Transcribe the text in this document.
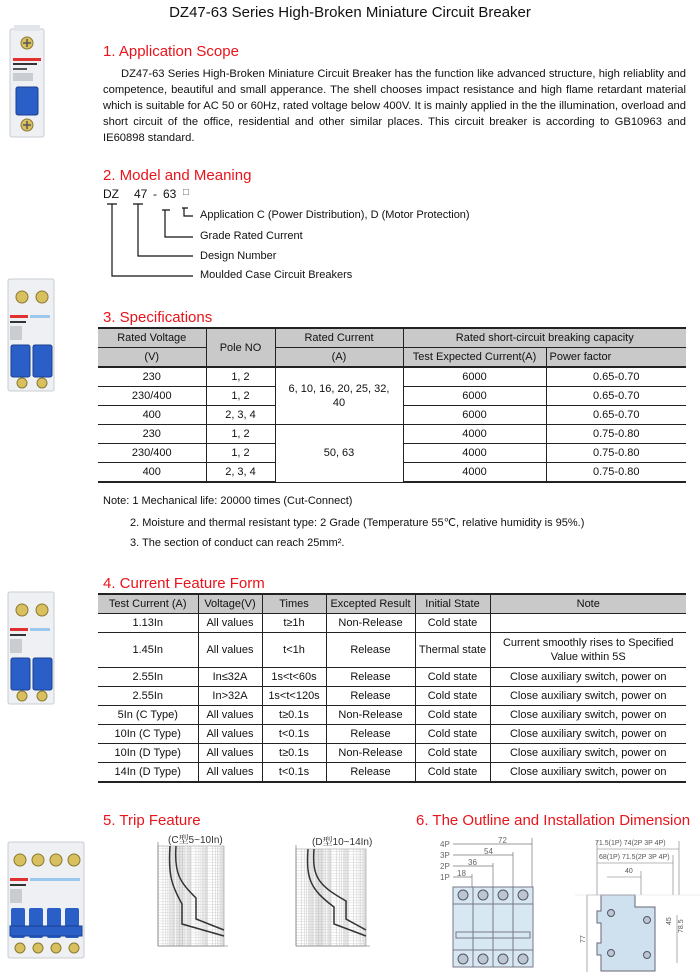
DZ47-63 Series High-Broken Miniature Circuit Breaker
1. Application Scope
DZ47-63 Series High-Broken Miniature Circuit Breaker has the function like advanced structure, high reliablity and competence, beautiful and small apperance. The shell chooses impact resistance and high flame retardant material which is suitable for AC 50 or 60Hz, rated voltage below 400V. It is mainly applied in the the illumination, overload and short circuit of the office, residential and other similar places. This circuit breaker is according to GB10963 and IE60898 standard.
2. Model and Meaning
DZ 47 - 63 □
Application C (Power Distribution), D (Motor Protection)
Grade Rated Current
Design Number
Moulded Case Circuit Breakers
3. Specifications
Rated Voltage	Pole NO	Rated Current	Rated short-circuit breaking capacity	
(V)		(A)	Test Expected Current(A)	Power factor
230	1, 2	6, 10, 16, 20, 25, 32, 40	6000	0.65-0.70
230/400	1, 2		6000	0.65-0.70
400	2, 3, 4		6000	0.65-0.70
230	1, 2	50, 63	4000	0.75-0.80
230/400	1, 2		4000	0.75-0.80
400	2, 3, 4		4000	0.75-0.80
Note: 1 Mechanical life: 20000 times (Cut-Connect)
2. Moisture and thermal resistant type: 2 Grade (Temperature 55℃, relative humidity is 95%.)
3. The section of conduct can reach 25mm².
4. Current Feature Form
Test Current (A)	Voltage(V)	Times	Excepted Result	Initial State	Note
1.13In	All values	t≥1h	Non-Release	Cold state	
1.45In	All values	t<1h	Release	Thermal state	Current smoothly rises to Specified Value within 5S
2.55In	In≤32A	1s<t<60s	Release	Cold state	Close auxiliary switch, power on
2.55In	In>32A	1s<t<120s	Release	Cold state	Close auxiliary switch, power on
5In (C Type)	All values	t≥0.1s	Non-Release	Cold state	Close auxiliary switch, power on
10In (C Type)	All values	t<0.1s	Release	Cold state	Close auxiliary switch, power on
10In (D Type)	All values	t≥0.1s	Non-Release	Cold state	Close auxiliary switch, power on
14In (D Type)	All values	t<0.1s	Release	Cold state	Close auxiliary switch, power on
5. Trip Feature
(C型5~10In)	(D型10~14In)
6. The Outline and Installation Dimension
4P
3P
2P
1P
72
54
36
18
71.5(1P) 74(2P 3P 4P)
68(1P) 71.5(2P 3P 4P)
40
77
45 78.5
